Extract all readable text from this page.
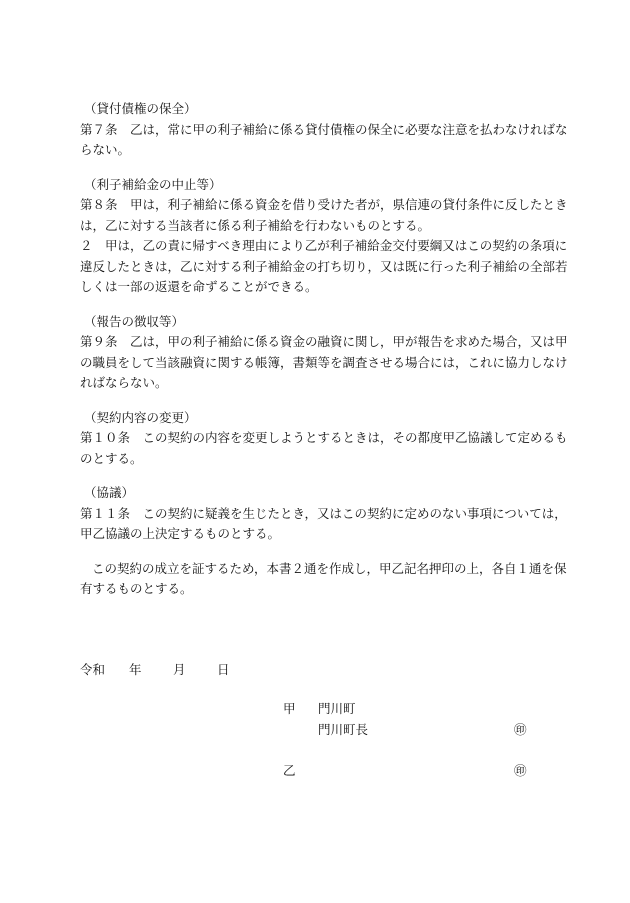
（貸付債権の保全）
第７条　乙は，常に甲の利子補給に係る貸付債権の保全に必要な注意を払わなければな
らない。
（利子補給金の中止等）
第８条　甲は，利子補給に係る資金を借り受けた者が，県信連の貸付条件に反したとき
は，乙に対する当該者に係る利子補給を行わないものとする。
２　甲は，乙の責に帰すべき理由により乙が利子補給金交付要綱又はこの契約の条項に
違反したときは，乙に対する利子補給金の打ち切り，又は既に行った利子補給の全部若
しくは一部の返還を命ずることができる。
（報告の徴収等）
第９条　乙は，甲の利子補給に係る資金の融資に関し，甲が報告を求めた場合，又は甲
の職員をして当該融資に関する帳簿，書類等を調査させる場合には，これに協力しなけ
ればならない。
（契約内容の変更）
第１０条　この契約の内容を変更しようとするときは，その都度甲乙協議して定めるも
のとする。
（協議）
第１１条　この契約に疑義を生じたとき，又はこの契約に定めのない事項については，
甲乙協議の上決定するものとする。
この契約の成立を証するため，本書２通を作成し，甲乙記名押印の上，各自１通を保
有するものとする。
令和 年	月	日
甲 門川町
門川町長	㊞
乙	㊞
